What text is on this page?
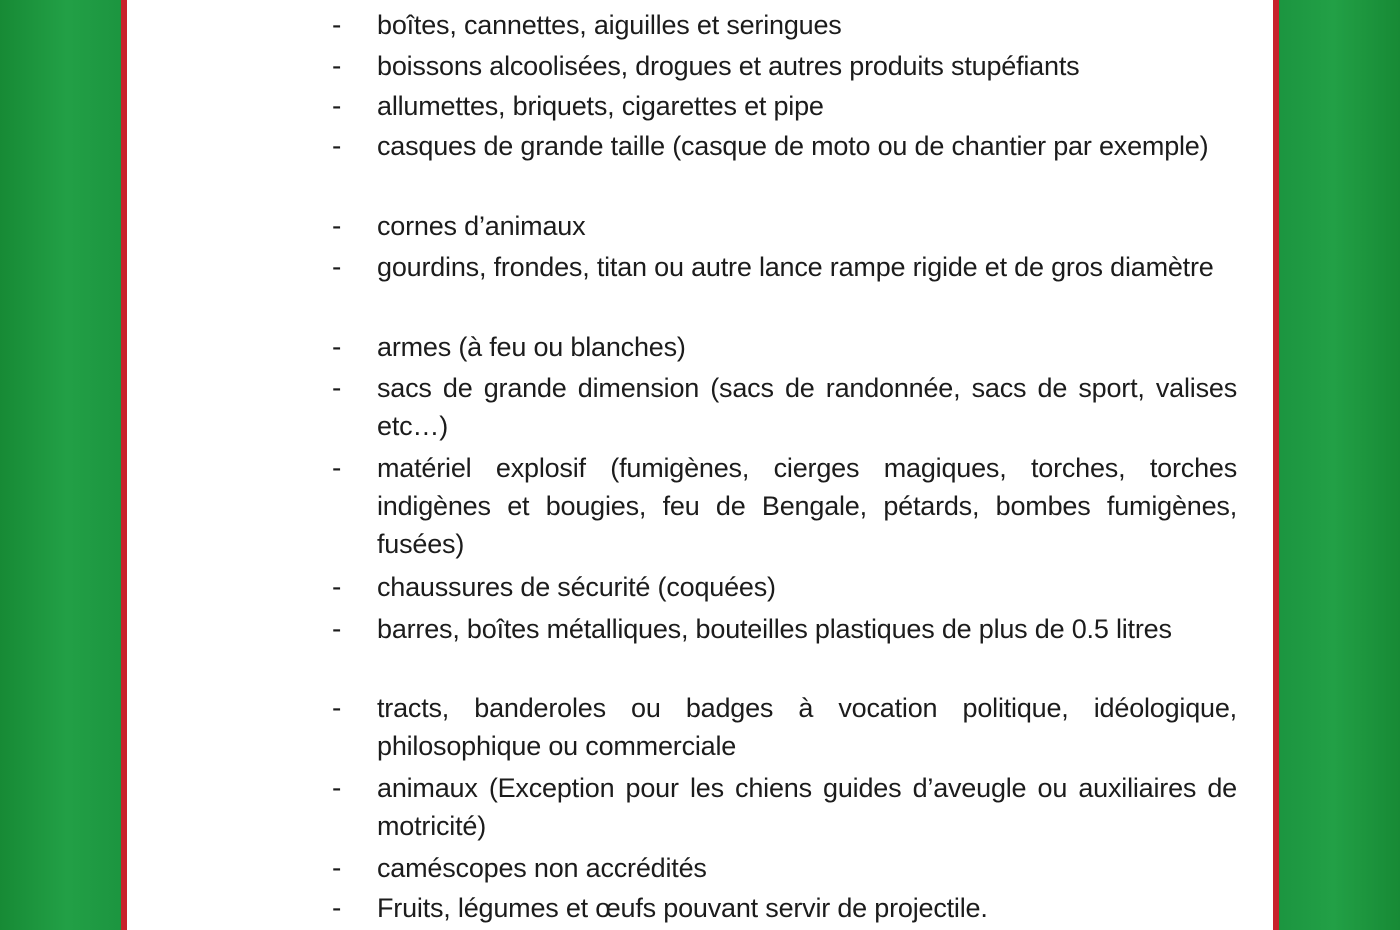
-	boîtes, cannettes, aiguilles et seringues
-	boissons alcoolisées, drogues et autres produits stupéfiants
-	allumettes, briquets, cigarettes et pipe
-	casques de grande taille (casque de moto ou de chantier par exemple)
-	cornes d’animaux
-	gourdins, frondes, titan ou autre lance rampe rigide et de gros diamètre
-	armes (à feu ou blanches)
-	sacs de grande dimension (sacs de randonnée, sacs de sport, valises etc…)
-	matériel explosif (fumigènes, cierges magiques, torches, torches indigènes et bougies, feu de Bengale, pétards, bombes fumigènes, fusées)
-	chaussures de sécurité (coquées)
-	barres, boîtes métalliques, bouteilles plastiques de plus de 0.5 litres
-	tracts, banderoles ou badges à vocation politique, idéologique, philosophique ou commerciale
-	animaux (Exception pour les chiens guides d’aveugle ou auxiliaires de motricité)
-	caméscopes non accrédités
-	Fruits, légumes et œufs pouvant servir de projectile.
